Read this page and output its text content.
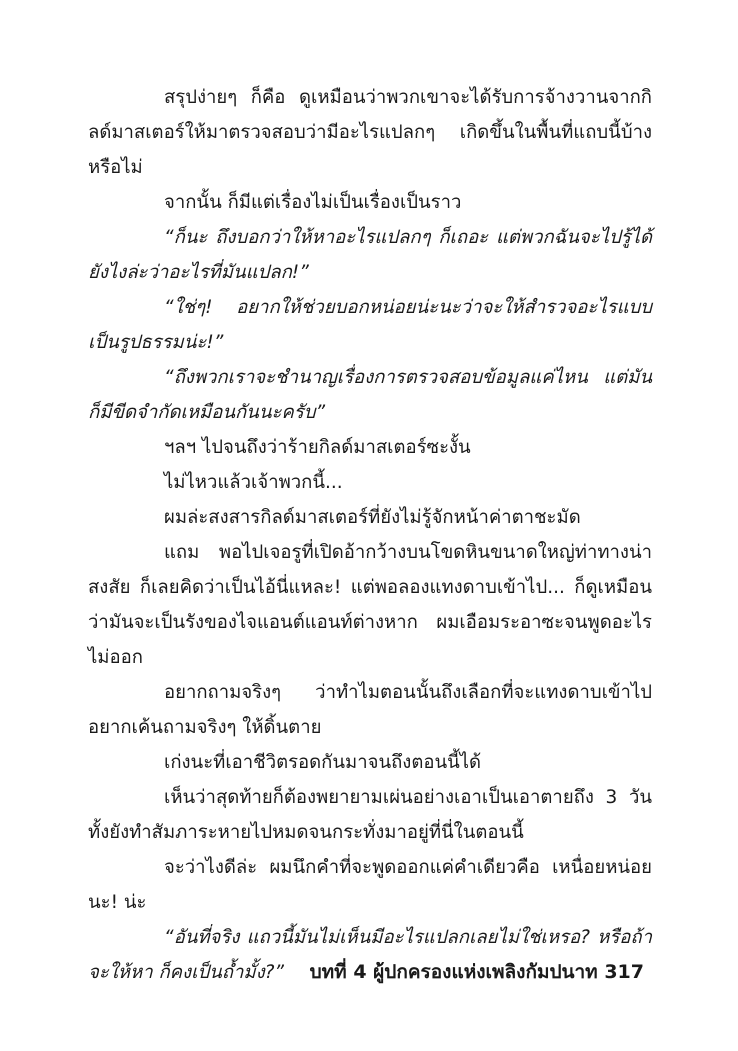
สรุปง่ายๆ ก็คือ ดูเหมือนว่าพวกเขาจะได้รับการจ้างวานจากกิลด์มาสเตอร์ให้มาตรวจสอบว่ามีอะไรแปลกๆ เกิดขึ้นในพื้นที่แถบนี้บ้างหรือไม่

จากนั้น ก็มีแต่เรื่องไม่เป็นเรื่องเป็นราว

“ก็นะ ถึงบอกว่าให้หาอะไรแปลกๆ ก็เถอะ แต่พวกฉันจะไปรู้ได้ยังไงล่ะว่าอะไรที่มันแปลก!”

“ใช่ๆ! อยากให้ช่วยบอกหน่อยน่ะนะว่าจะให้สำรวจอะไรแบบเป็นรูปธรรมน่ะ!”

“ถึงพวกเราจะชำนาญเรื่องการตรวจสอบข้อมูลแค่ไหน แต่มันก็มีขีดจำกัดเหมือนกันนะครับ”

ฯลฯ ไปจนถึงว่าร้ายกิลด์มาสเตอร์ซะงั้น

ไม่ไหวแล้วเจ้าพวกนี้...

ผมล่ะสงสารกิลด์มาสเตอร์ที่ยังไม่รู้จักหน้าค่าตาชะมัด

แถม พอไปเจอรูที่เปิดอ้ากว้างบนโขดหินขนาดใหญ่ท่าทางน่าสงสัย ก็เลยคิดว่าเป็นไอ้นี่แหละ! แต่พอลองแทงดาบเข้าไป... ก็ดูเหมือนว่ามันจะเป็นรังของไจแอนต์แอนท์ต่างหาก ผมเอือมระอาซะจนพูดอะไรไม่ออก

อยากถามจริงๆ ว่าทำไมตอนนั้นถึงเลือกที่จะแทงดาบเข้าไป อยากเค้นถามจริงๆ ให้ดิ้นตาย

เก่งนะที่เอาชีวิตรอดกันมาจนถึงตอนนี้ได้

เห็นว่าสุดท้ายก็ต้องพยายามเผ่นอย่างเอาเป็นเอาตายถึง 3 วัน ทั้งยังทำสัมภาระหายไปหมดจนกระทั่งมาอยู่ที่นี่ในตอนนี้

จะว่าไงดีล่ะ ผมนึกคำที่จะพูดออกแค่คำเดียวคือ เหนื่อยหน่อยนะ! น่ะ

“อันที่จริง แถวนี้มันไม่เห็นมีอะไรแปลกเลยไม่ใช่เหรอ? หรือถ้าจะให้หา ก็คงเป็นถ้ำมั้ง?”	บทที่ 4 ผู้ปกครองแห่งเพลิงกัมปนาท 317
